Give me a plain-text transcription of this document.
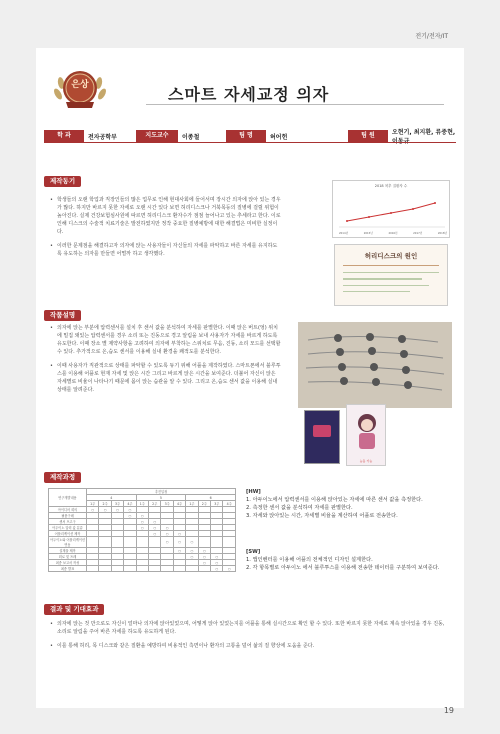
전기/전자/IT
은상	스마트 자세교정 의자
학 과	전자공학부	지도교수	이종철	팀 명	허어헌	팀 원	오현기, 최지환, 류중현,
제작동기
• 학생들의 오랜 학업과 직장인들의 많은 업무로 인해 현대사회에 들어서며 장시간 의자에 앉아 있는 경우가 많다. 하지만 바르지 못한 자세로 오랜 시간 있다 보면 허리디스크나 거북목등의 질병에 걸릴 위험이 높아진다. 실제 건강보험심사원에 따르면 허리디스크 환자수가 점점 늘어나고 있는 추세라고 한다. 이로 인해 디스크의 수술적 치료기술은 발전하였지만 정작 중요한 질병예방에 대한 해결법은 미비한 실정이다.
• 이러한 문제점을 해결하고자 의자에 앉는 사용자들이 자신들의 자세를 파악하고 바른 자세를 유지하도록 유도하는 의자를 만들면 어떨까 하고 생각했다.
2018 척추 질환자 수
2014년	2015년	2016년	2017년	2018년
허리디스크의 원인
작품설명
• 의자에 앉는 부분에 압력센서를 설치 후 센서 값을 분석하여 자세를 판별한다. 이때 앉은 버트(엉) 위치에 밀집 돼있는 압력센서를 경우 소리 또는 진동으로 경고 알림을 보내 사용자가 자세를 바르게 하도록 유도한다. 이때 장소 별 제약사항을 고려하여 의자에 부착하는 스위치로 무음, 진동, 소리 모드를 선택할 수 있다. 추가적으로 온,습도 센서를 이용해 실내 환경을 쾌적도를 분석한다.
• 이때 사용자가 직관적으로 상태를 파악할 수 있도록 듀기 위해 어플을 제작하였다. 스마트폰에서 블루투스를 이용해 어플로 현재 자세 및 앉은 시간 그리고 바르게 앉은 시간을 보여준다. 더불어 자신이 앉은 자세별로 비율이 나타나기 때문에 몸이 앉는 습관을 알 수 있다. 그리고 온,습도 센서 값을 이용해 실내 상태를 알려준다.
능동 가능
제작과정
연구개발내용	추진일정											
	4				5				6			
	1주	2주	3주	4주	1주	2주	3주	4주	1주	2주	3주	4주
아이디어 회의	○	○	○	○								
필품구매				○	○							
센서 프고구					○	○						
아두이노 압력 값 분류					○	○	○					
어플리케이션 제작						○	○	○				
아두이노와 어플리케이션 연동							○	○	○			
설계물 제작								○	○	○		
회로 및 프레									○	○	○	
최종 보고서 작성										○	○	
최종 발표											○	○
[HW]
1. 아두이노에서 압력센서를 이용해 앉아있는 자세에 따른 센서 값을 측정한다.
2. 측정한 센서 값을 분석하여 자세를 판별한다.
3. 자세와 앉아있는 시간, 자세별 비율을 계산하여 어플로 전송한다.
[SW]
1. 앱인벤터를 이용해 어플의 전체적인 디자인 설계한다.
2. 각 항목별로 아두이노 에서 블루투스를 이용해 전송한 데이터를 구분하여 보여준다.
결과 및 기대효과
• 의자에 앉는 것 만으로도 자신이 얼마나 의자에 앉아있었으며, 어떻게 앉아 있었는지를 어플을 통해 실시간으로 확인 할 수 있다. 또한 바르지 못한 자세로 계속 앉아있을 경우 진동, 소리로 알림을 주어 바른 자세를 하도록 유도하게 된다.
• 이를 통해 허리, 목 디스크와 같은 질환을 예방하여 비용적인 측면이나 환자의 고통을 덜어 삶의 질 향상에 도움을 준다.
19
